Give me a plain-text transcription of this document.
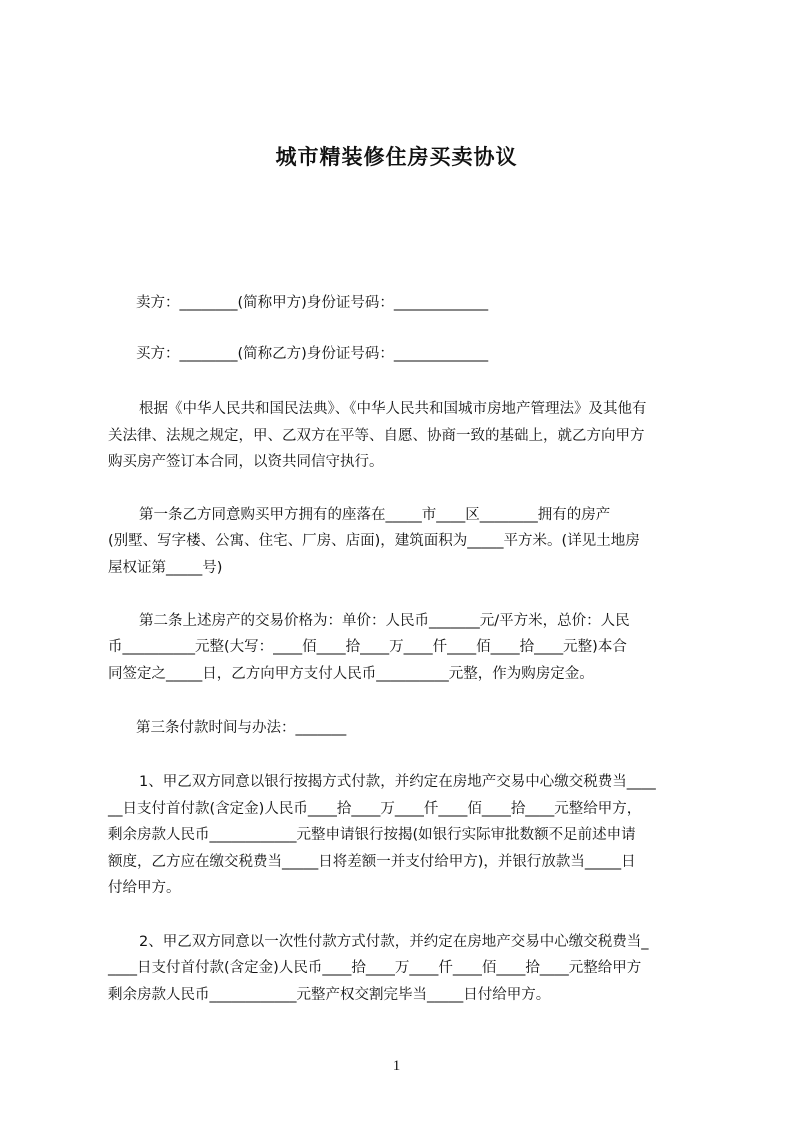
城市精装修住房买卖协议
卖方：________(简称甲方)身份证号码：_____________
买方：________(简称乙方)身份证号码：_____________
根据《中华人民共和国民法典》、《中华人民共和国城市房地产管理法》及其他有
关法律、法规之规定，甲、乙双方在平等、自愿、协商一致的基础上，就乙方向甲方
购买房产签订本合同，以资共同信守执行。
第一条乙方同意购买甲方拥有的座落在_____市____区________拥有的房产
(别墅、写字楼、公寓、住宅、厂房、店面)，建筑面积为_____平方米。(详见土地房
屋权证第_____号)
第二条上述房产的交易价格为：单价：人民币_______元/平方米，总价：人民
币__________元整(大写：____佰____拾____万____仟____佰____拾____元整)本合
同签定之_____日，乙方向甲方支付人民币__________元整，作为购房定金。
第三条付款时间与办法：_______
1、甲乙双方同意以银行按揭方式付款，并约定在房地产交易中心缴交税费当____
__日支付首付款(含定金)人民币____拾____万____仟____佰____拾____元整给甲方，
剩余房款人民币____________元整申请银行按揭(如银行实际审批数额不足前述申请
额度，乙方应在缴交税费当_____日将差额一并支付给甲方)，并银行放款当_____日
付给甲方。
2、甲乙双方同意以一次性付款方式付款，并约定在房地产交易中心缴交税费当_
____日支付首付款(含定金)人民币____拾____万____仟____佰____拾____元整给甲方
剩余房款人民币____________元整产权交割完毕当_____日付给甲方。
1
